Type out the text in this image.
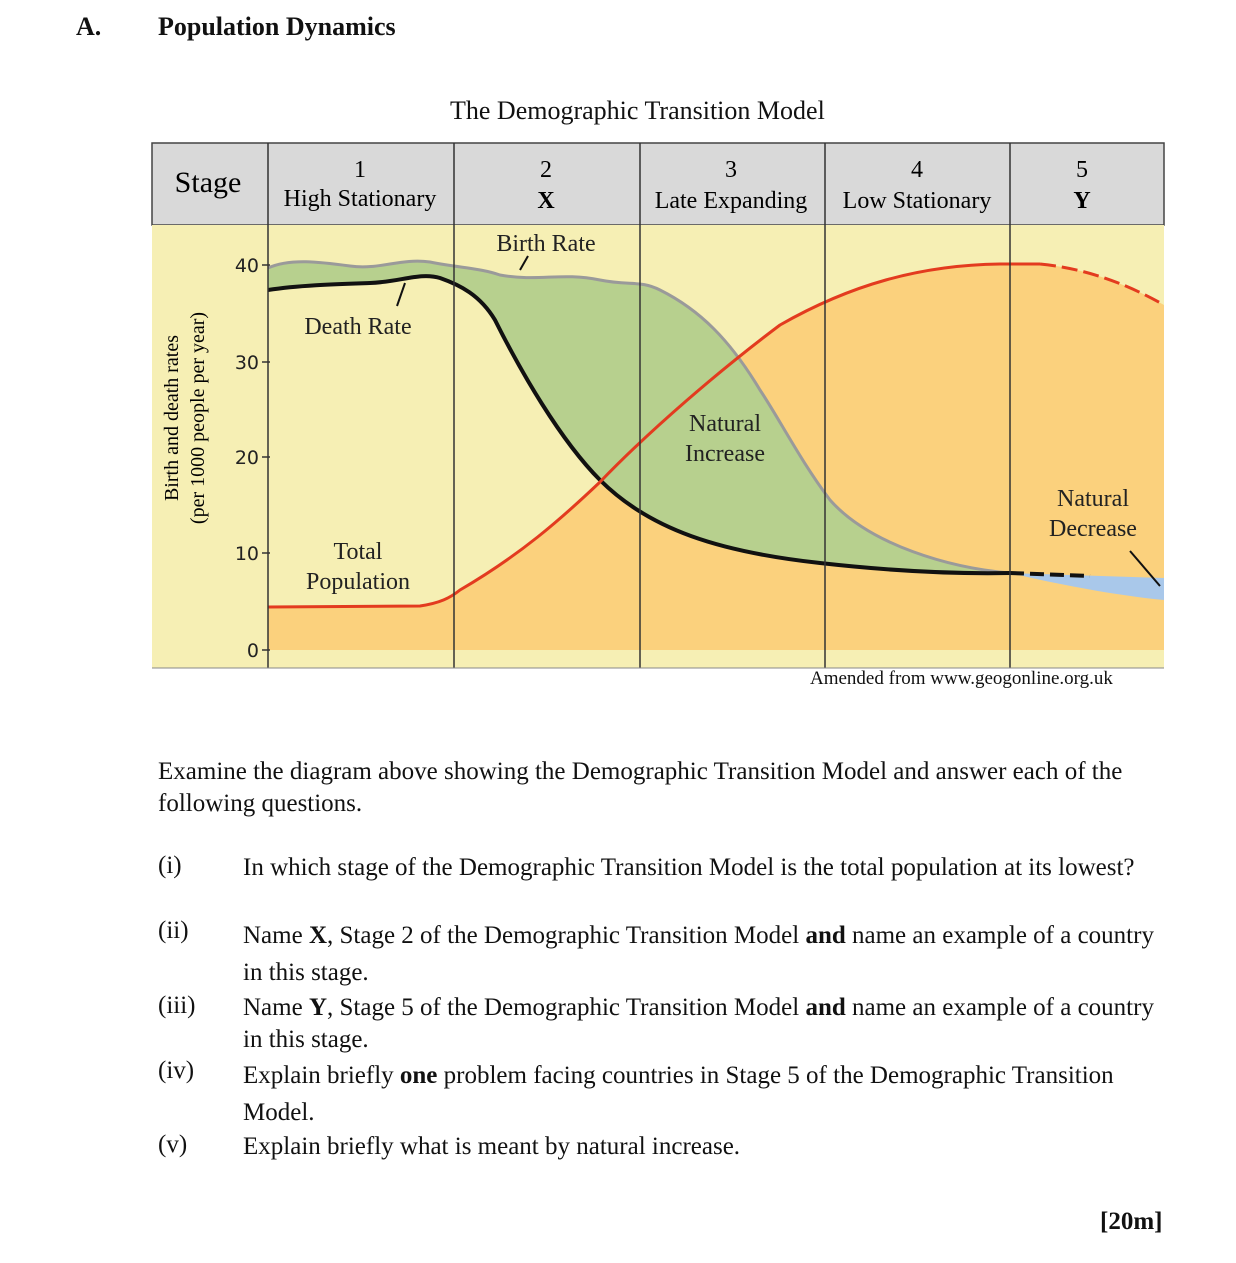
A. Population Dynamics
The Demographic Transition Model
40
30
20
10
0
Birth and death rates (per 1000 people per year)
Stage	1
High Stationary
2
X
3
Late Expanding
4
Low Stationary
5
Y
Birth Rate
Death Rate
Total
Population
Natural
Increase
Natural
Decrease
Amended from www.geogonline.org.uk
Examine the diagram above showing the Demographic Transition Model and answer each of the following questions.
(i) In which stage of the Demographic Transition Model is the total population at its lowest?
(ii) Name X, Stage 2 of the Demographic Transition Model and name an example of a country in this stage.
(iii) Name Y, Stage 5 of the Demographic Transition Model and name an example of a country in this stage.
(iv) Explain briefly one problem facing countries in Stage 5 of the Demographic Transition Model.
(v) Explain briefly what is meant by natural increase.
[20m]
